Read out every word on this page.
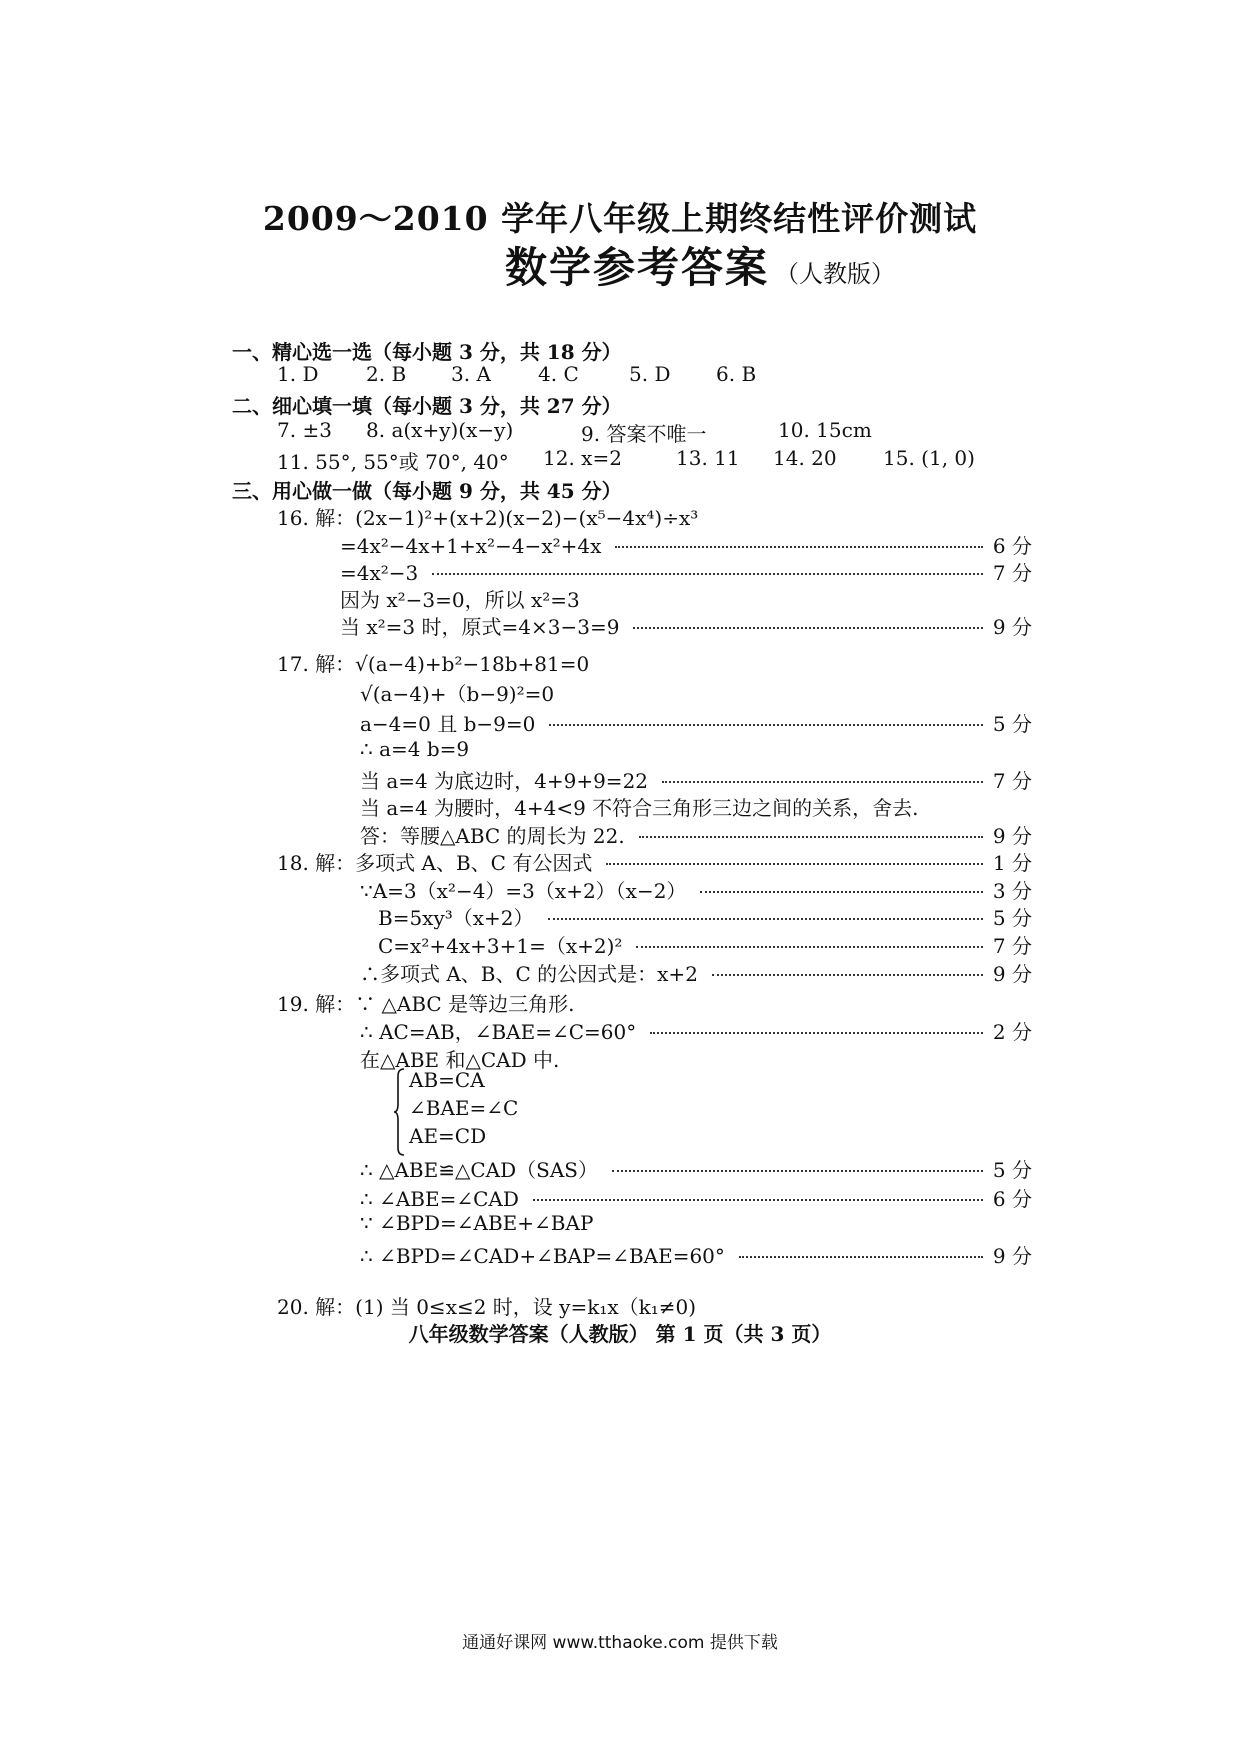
2009～2010 学年八年级上期终结性评价测试
数学参考答案 （人教版）
一、精心选一选（每小题 3 分，共 18 分）
1. D 2. B 3. A 4. C	5. D 6. B
二、细心填一填（每小题 3 分，共 27 分）
7. ±3 8. a(x+y)(x−y)	9. 答案不唯一	10. 15cm
11. 55°, 55°或 70°, 40° 12. x=2	13. 11 14. 20 15. (1, 0)
三、用心做一做（每小题 9 分，共 45 分）
16. 解：(2x−1)²+(x+2)(x−2)−(x⁵−4x⁴)÷x³
=4x²−4x+1+x²−4−x²+4x	6 分
=4x²−3	7 分
因为 x²−3=0，所以 x²=3
当 x²=3 时，原式=4×3−3=9	9 分
17. 解：√(a−4)+b²−18b+81=0
√(a−4)+（b−9)²=0
a−4=0 且 b−9=0	5 分
∴ a=4 b=9
当 a=4 为底边时，4+9+9=22	7 分
当 a=4 为腰时，4+4<9 不符合三角形三边之间的关系，舍去.
答：等腰△ABC 的周长为 22.	9 分
18. 解：多项式 A、B、C 有公因式	1 分
∵A=3（x²−4）=3（x+2）（x−2）	3 分
B=5xy³（x+2）	5 分
C=x²+4x+3+1=（x+2)²	7 分
∴多项式 A、B、C 的公因式是：x+2	9 分
19. 解：∵ △ABC 是等边三角形.
∴ AC=AB，∠BAE=∠C=60°	2 分
在△ABE 和△CAD 中.
AB=CA
∠BAE=∠C
AE=CD
∴ △ABE≌△CAD（SAS）	5 分
∴ ∠ABE=∠CAD	6 分
∵ ∠BPD=∠ABE+∠BAP
∴ ∠BPD=∠CAD+∠BAP=∠BAE=60°	9 分
20. 解：(1) 当 0≤x≤2 时，设 y=k₁x（k₁≠0)
八年级数学答案（人教版） 第 1 页（共 3 页）
通通好课网 www.tthaoke.com 提供下载
